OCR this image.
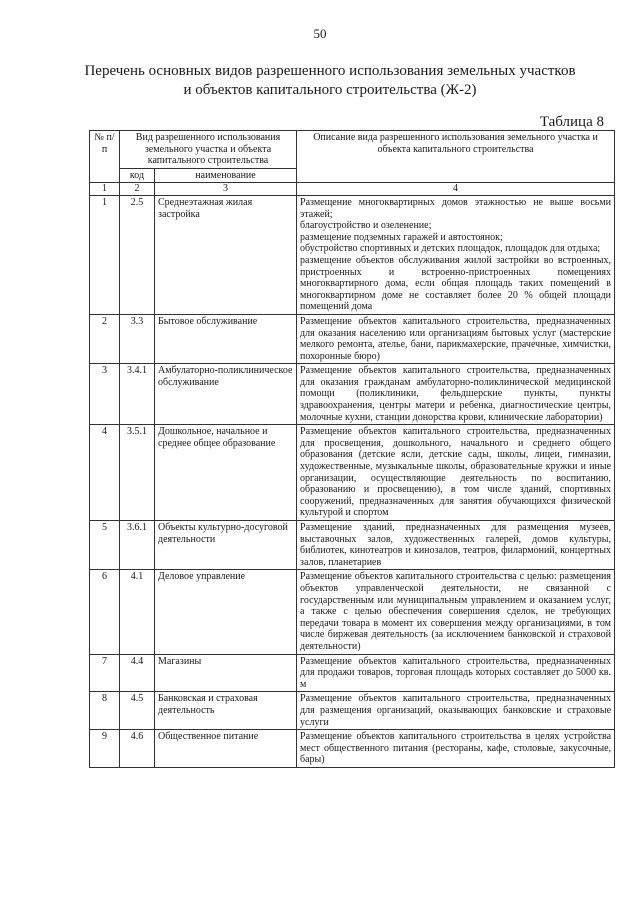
50
Перечень основных видов разрешенного использования земельных участков
и объектов капитального строительства (Ж-2)
Таблица 8
№ п/п	Вид разрешенного использования земельного участка и объекта капитального строительства		Описание вида разрешенного использования земельного участка и объекта капитального строительства
	код	наименование	
1	2	3	4
1	2.5	Среднеэтажная жилая застройка	Размещение многоквартирных домов этажностью не выше восьми этажей;
благоустройство и озеленение;
размещение подземных гаражей и автостоянок;
обустройство спортивных и детских площадок, площадок для отдыха;
размещение объектов обслуживания жилой застройки во встроенных, пристроенных и встроенно-пристроенных помещениях многоквартирного дома, если общая площадь таких помещений в многоквартирном доме не составляет более 20 % общей площади помещений дома

2	3.3	Бытовое обслуживание	Размещение объектов капитального строительства, предназначенных для оказания населению или организациям бытовых услуг (мастерские мелкого ремонта, ателье, бани, парикмахерские, прачечные, химчистки, похоронные бюро)

3	3.4.1	Амбулаторно-поликлиническое обслуживание	Размещение объектов капитального строительства, предназначенных для оказания гражданам амбулаторно-поликлинической медицинской помощи (поликлиники, фельдшерские пункты, пункты здравоохранения, центры матери и ребенка, диагностические центры, молочные кухни, станции донорства крови, клинические лаборатории)

4	3.5.1	Дошкольное, начальное и среднее общее образование	Размещение объектов капитального строительства, предназначенных для просвещения, дошкольного, начального и среднего общего образования (детские ясли, детские сады, школы, лицеи, гимназии, художественные, музыкальные школы, образовательные кружки и иные организации, осуществляющие деятельность по воспитанию, образованию и просвещению), в том числе зданий, спортивных сооружений, предназначенных для занятия обучающихся физической культурой и спортом

5	3.6.1	Объекты культурно-досуговой деятельности	Размещение зданий, предназначенных для размещения музеев, выставочных залов, художественных галерей, домов культуры, библиотек, кинотеатров и кинозалов, театров, филармоний, концертных залов, планетариев

6	4.1	Деловое управление	Размещение объектов капитального строительства с целью: размещения объектов управленческой деятельности, не связанной с государственным или муниципальным управлением и оказанием услуг, а также с целью обеспечения совершения сделок, не требующих передачи товара в момент их совершения между организациями, в том числе биржевая деятельность (за исключением банковской и страховой деятельности)

7	4.4	Магазины	Размещение объектов капитального строительства, предназначенных для продажи товаров, торговая площадь которых составляет до 5000 кв. м

8	4.5	Банковская и страховая деятельность	Размещение объектов капитального строительства, предназначенных для размещения организаций, оказывающих банковские и страховые услуги

9	4.6	Общественное питание	Размещение объектов капитального строительства в целях устройства мест общественного питания (рестораны, кафе, столовые, закусочные, бары)
